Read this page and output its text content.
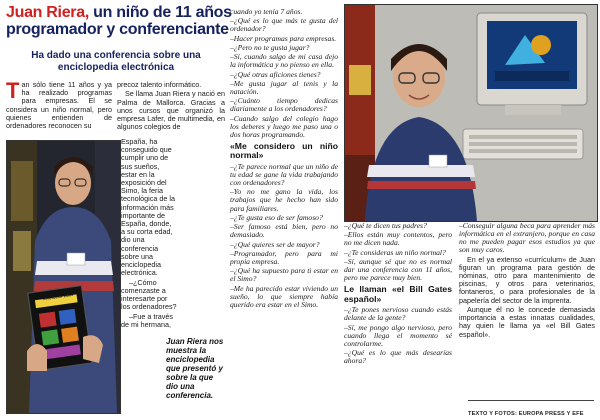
Juan Riera, un niño de 11 años
programador y conferenciante

Ha dado una conferencia sobre una enciclopedia electrónica

T an sólo tiene 11 años y ya ha realizado programas para empresas. El se considera un niño normal, pero quienes entienden de ordenadores reconocen su

precoz talento informático.

Se llama Juan Riera y nació en Palma de Mallorca. Gracias a unos cursos que organizó la empresa Lafer, de multimedia, en algunos colegios de

ENCICLOPEDIA

España, ha conseguido que cumplir uno de sus sueños, estar en la exposición del Simo, la feria tecnológica de la información más importante de España, donde, a su corta edad, dio una conferencia sobre una enciclopedia electrónica.

–¿Cómo comenzaste a interesarte por los ordenadores?

–Fue a través de mi hermana,

Juan Riera nos muestra la enciclopedia que presentó y sobre la que dio una conferencia.

cuando yo tenía 7 años.

–¿Qué es lo que más te gusta del ordenador?

–Hacer programas para empresas.

–¿Pero no te gusta jugar?

–Sí, cuando salgo de mi casa dejo la informática y no pienso en ella.

–¿Qué otras aficiones tienes?

–Me gusta jugar al tenis y la natación.

–¿Cuánto tiempo dedicas diariamente a los ordenadores?

–Cuando salgo del colegio hago los deberes y luego me paso una o dos horas programando.

«Me considero un niño normal»

–¿Te parece normal que un niño de tu edad se gane la vida trabajando con ordenadores?

–Yo no me gano la vida, los trabajos que he hecho han sido para familiares.

–¿Te gusta eso de ser famoso?

–Ser famoso está bien, pero no demasiado.

–¿Qué quieres ser de mayor?

–Programador, pero para mi propia empresa.

–¿Qué ha supuesto para ti estar en el Simo?

–Me ha parecido estar viviendo un sueño, lo que siempre había querido era estar en el Simo.

–¿Qué te dicen tus padres?

–Ellos están muy contentos, pero no me dicen nada.

–¿Te consideras un niño normal?

–Sí, aunque sé que no es normal dar una conferencia con 11 años, pero me parece muy bien.

Le llaman «el Bill Gates español»

–¿Te pones nervioso cuando estás delante de la gente?

–Sí, me pongo algo nervioso, pero cuando llega el momento sé controlarme.

–¿Qué es lo que más desearías ahora?

–Conseguir alguna beca para aprender más informática en el extranjero, porque en casa no me pueden pagar esos estudios ya que son muy caros.

En el ya extenso «currículum» de Juan figuran un programa para gestión de nóminas, otro para mantenimiento de piscinas, y otros para veterinarios, fontaneros, o para profesionales de la papelería del sector de la imprenta.

Aunque él no le concede demasiada importancia a estas innatas cualidades, hay quien le llama ya «el Bill Gates español».

TEXTO Y FOTOS: EUROPA PRESS Y EFE
